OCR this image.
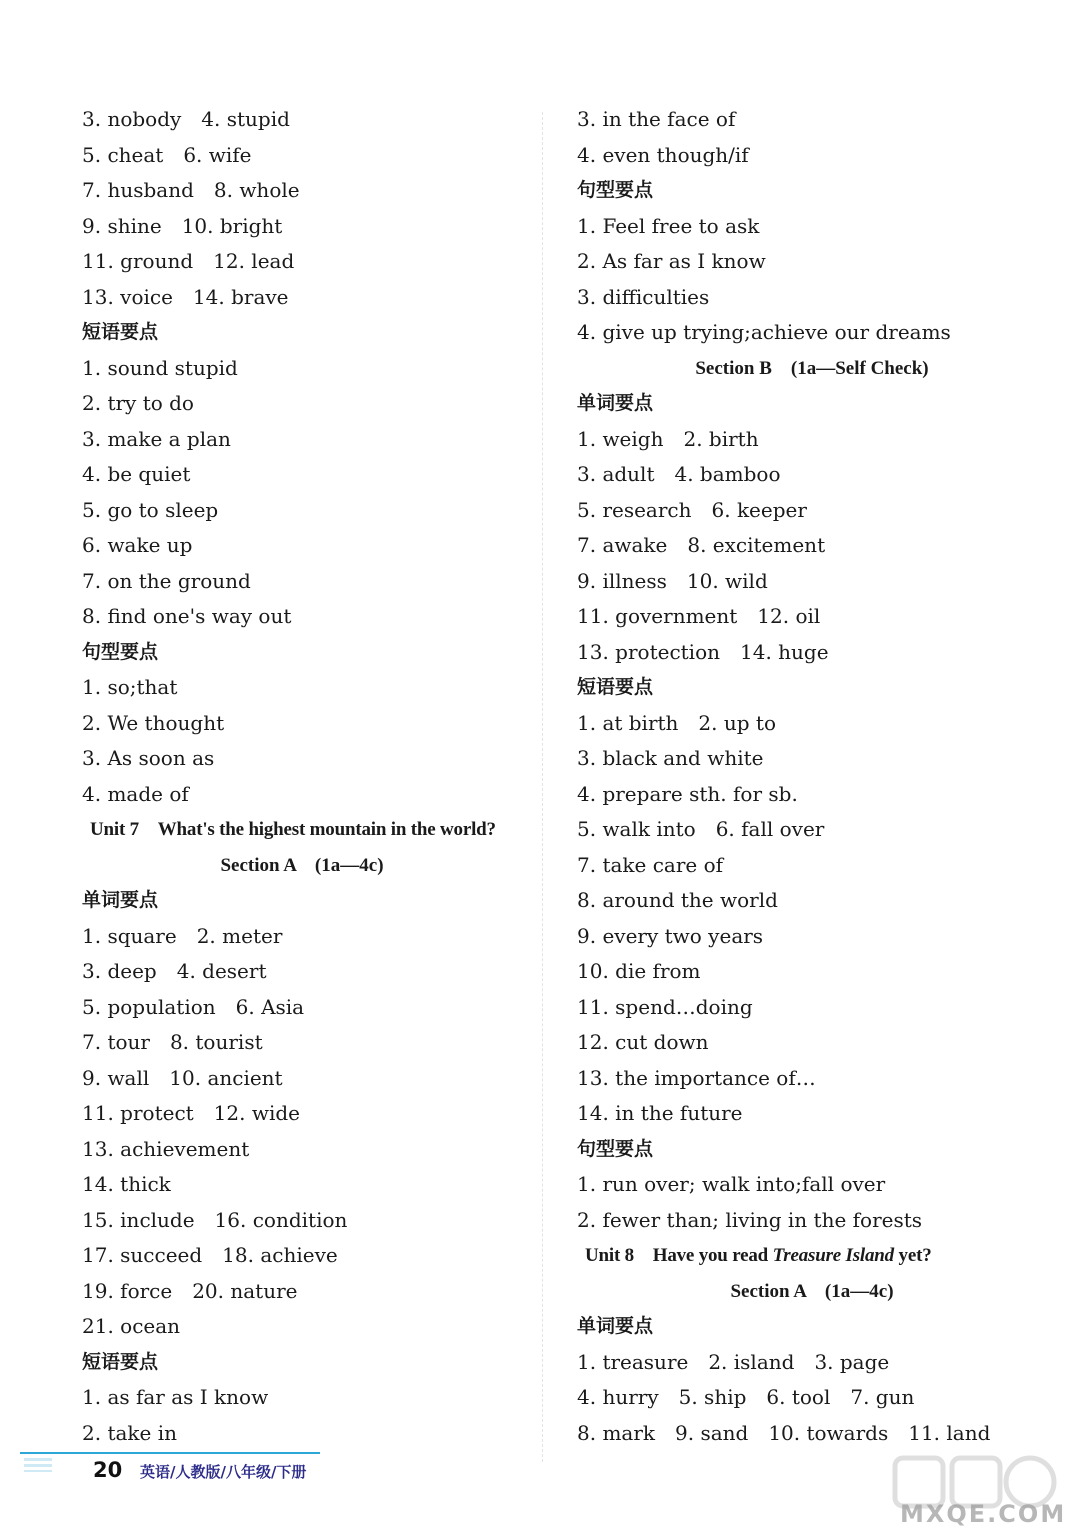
3. nobody　4. stupid
5. cheat　6. wife
7. husband　8. whole
9. shine　10. bright
11. ground　12. lead
13. voice　14. brave
短语要点
1. sound stupid
2. try to do
3. make a plan
4. be quiet
5. go to sleep
6. wake up
7. on the ground
8. find one's way out
句型要点
1. so;that
2. We thought
3. As soon as
4. made of
Unit 7　What's the highest mountain in the world?
Section A　(1a—4c)
单词要点
1. square　2. meter
3. deep　4. desert
5. population　6. Asia
7. tour　8. tourist
9. wall　10. ancient
11. protect　12. wide
13. achievement
14. thick
15. include　16. condition
17. succeed　18. achieve
19. force　20. nature
21. ocean
短语要点
1. as far as I know
2. take in
3. in the face of
4. even though/if
句型要点
1. Feel free to ask
2. As far as I know
3. difficulties
4. give up trying;achieve our dreams
Section B　(1a—Self Check)
单词要点
1. weigh　2. birth
3. adult　4. bamboo
5. research　6. keeper
7. awake　8. excitement
9. illness　10. wild
11. government　12. oil
13. protection　14. huge
短语要点
1. at birth　2. up to
3. black and white
4. prepare sth. for sb.
5. walk into　6. fall over
7. take care of
8. around the world
9. every two years
10. die from
11. spend…doing
12. cut down
13. the importance of…
14. in the future
句型要点
1. run over; walk into;fall over
2. fewer than; living in the forests
Unit 8　Have you read Treasure Island yet?
Section A　(1a—4c)
单词要点
1. treasure　2. island　3. page
4. hurry　5. ship　6. tool　7. gun
8. mark　9. sand　10. towards　11. land
20 英语/人教版/八年级/下册
MXQE.COM
